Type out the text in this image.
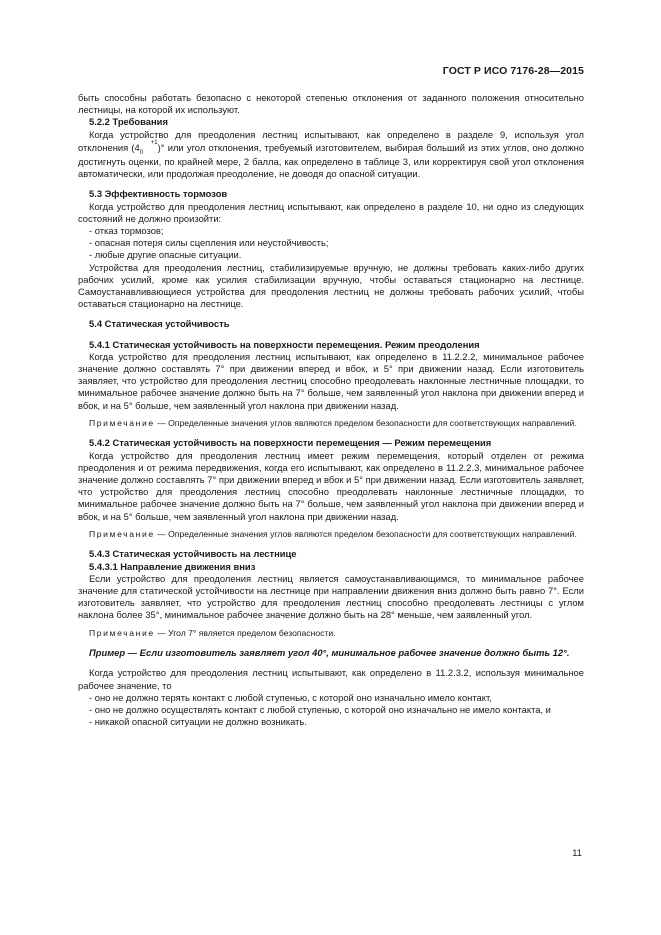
ГОСТ Р ИСО 7176-28—2015

быть способны работать безопасно с некоторой степенью отклонения от заданного положения относительно лестницы, на которой их используют.

5.2.2 Требования

Когда устройство для преодоления лестниц испытывают, как определено в разделе 9, используя угол отклонения (4 $^{+1}$
$_0$)° или угол отклонения, требуемый изготовителем, выбирая больший из этих углов, оно должно достигнуть оценки, по крайней мере, 2 балла, как определено в таблице 3, или корректируя свой угол отклонения автоматически, или продолжая преодоление, не доводя до опасной ситуации.

5.3 Эффективность тормозов

Когда устройство для преодоления лестниц испытывают, как определено в разделе 10, ни одно из следующих состояний не должно произойти:

- отказ тормозов;

- опасная потеря силы сцепления или неустойчивость;

- любые другие опасные ситуации.

Устройства для преодоления лестниц, стабилизируемые вручную, не должны требовать каких-либо других рабочих усилий, кроме как усилия стабилизации вручную, чтобы оставаться стационарно на лестнице. Самоустанавливающиеся устройства для преодоления лестниц не должны требовать рабочих усилий, чтобы оставаться стационарно на лестнице.

5.4 Статическая устойчивость

5.4.1 Статическая устойчивость на поверхности перемещения. Режим преодоления

Когда устройство для преодоления лестниц испытывают, как определено в 11.2.2.2, минимальное рабочее значение должно составлять 7° при движении вперед и вбок, и 5° при движении назад. Если изготовитель заявляет, что устройство для преодоления лестниц способно преодолевать наклонные лестничные площадки, то минимальное рабочее значение должно быть на 7° больше, чем заявленный угол наклона при движении вперед и вбок, и на 5° больше, чем заявленный угол наклона при движении назад.

Примечание — Определенные значения углов являются пределом безопасности для соответствующих направлений.

5.4.2 Статическая устойчивость на поверхности перемещения — Режим перемещения

Когда устройство для преодоления лестниц имеет режим перемещения, который отделен от режима преодоления и от режима передвижения, когда его испытывают, как определено в 11.2.2.3, минимальное рабочее значение должно составлять 7° при движении вперед и вбок и 5° при движении назад. Если изготовитель заявляет, что устройство для преодоления лестниц способно преодолевать наклонные лестничные площадки, то минимальное рабочее значение должно быть на 7° больше, чем заявленный угол наклона при движении вперед и вбок, и на 5° больше, чем заявленный угол наклона при движении назад.

Примечание — Определенные значения углов являются пределом безопасности для соответствующих направлений.

5.4.3 Статическая устойчивость на лестнице

5.4.3.1 Направление движения вниз

Если устройство для преодоления лестниц является самоустанавливающимся, то минимальное рабочее значение для статической устойчивости на лестнице при направлении движения вниз должно быть равно 7°. Если изготовитель заявляет, что устройство для преодоления лестниц способно преодолевать лестницы с углом наклона более 35°, минимальное рабочее значение должно быть на 28° меньше, чем заявленный угол.

Примечание — Угол 7° является пределом безопасности.

Пример — Если изготовитель заявляет угол 40°, минимальное рабочее значение должно быть 12°.

Когда устройство для преодоления лестниц испытывают, как определено в 11.2.3.2, используя минимальное рабочее значение, то

- оно не должно терять контакт с любой ступенью, с которой оно изначально имело контакт,

- оно не должно осуществлять контакт с любой ступенью, с которой оно изначально не имело контакта, и

- никакой опасной ситуации не должно возникать.

11
